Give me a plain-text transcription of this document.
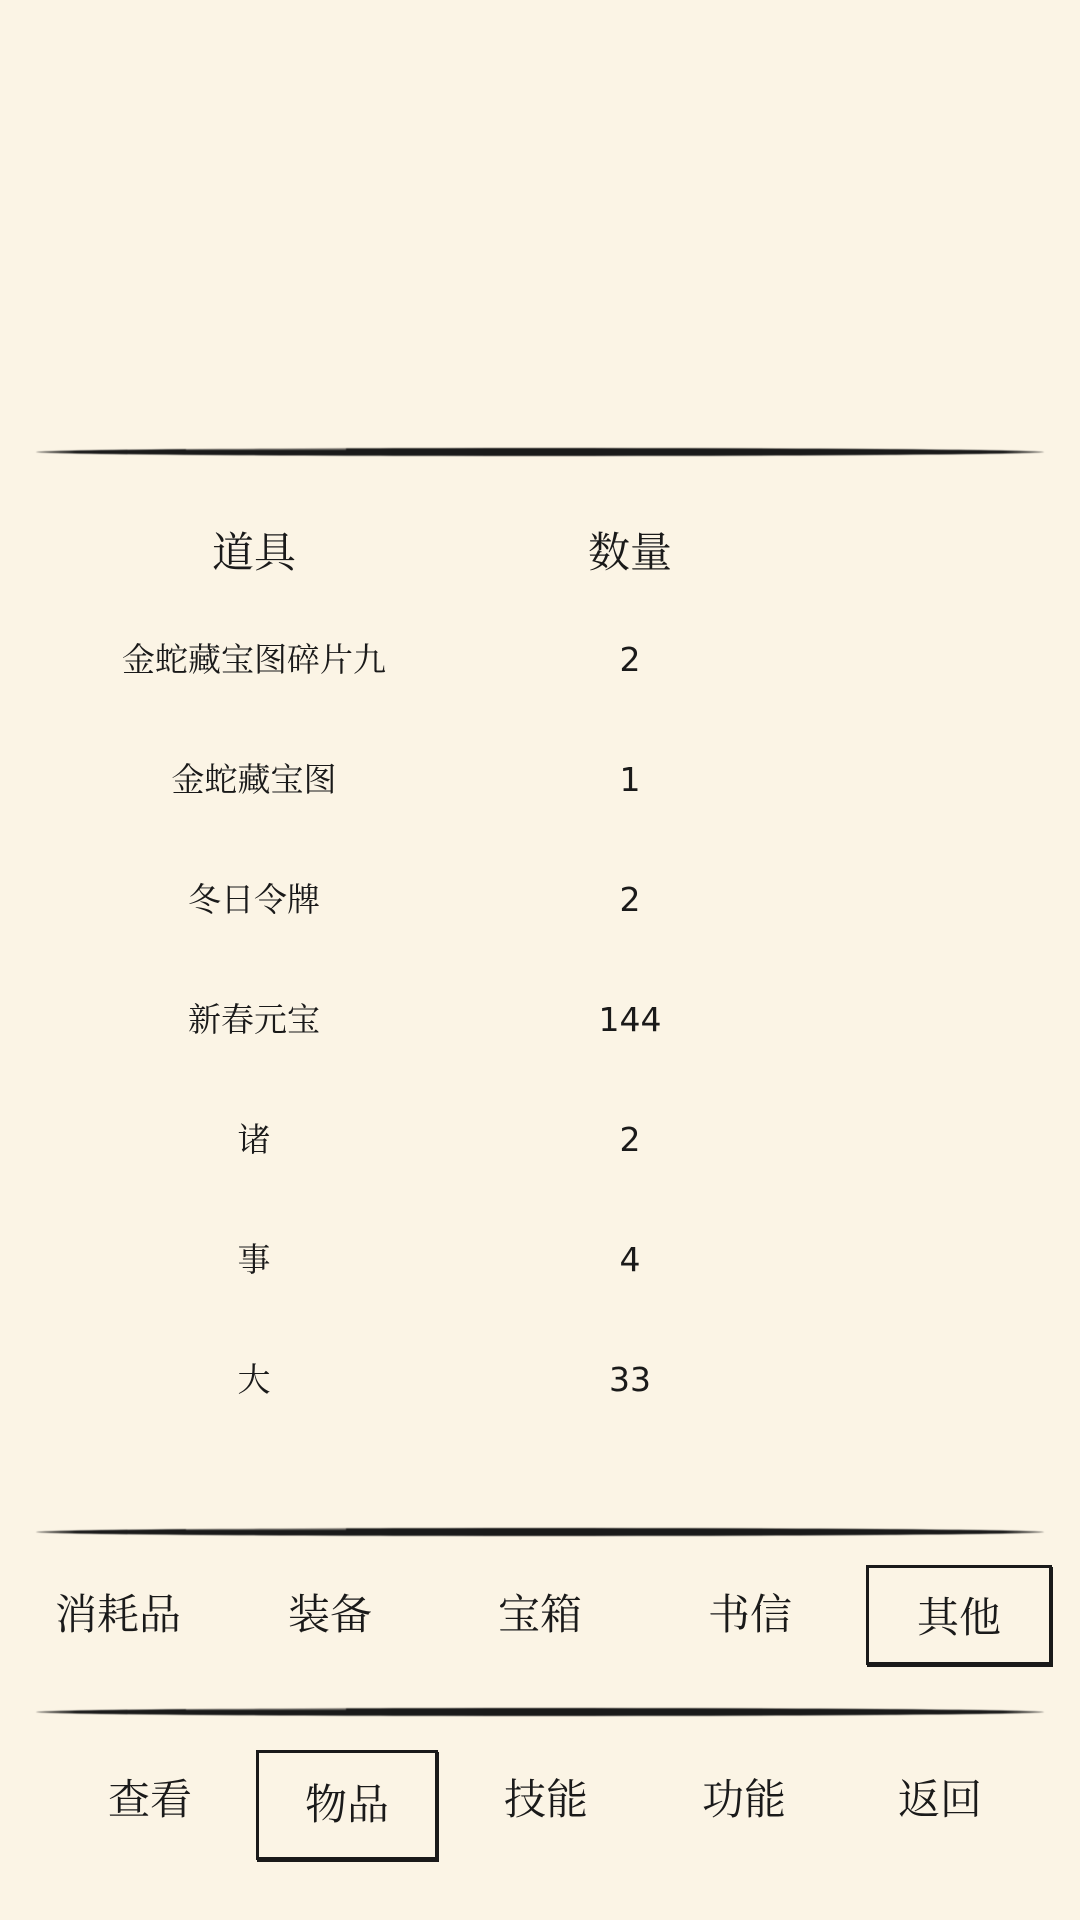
道具	数量
金蛇藏宝图碎片九	2
金蛇藏宝图	1
冬日令牌	2
新春元宝	144
诸	2
事	4
大	33
消耗品	装备	宝箱	书信	其他
查看	物品	技能	功能	返回
